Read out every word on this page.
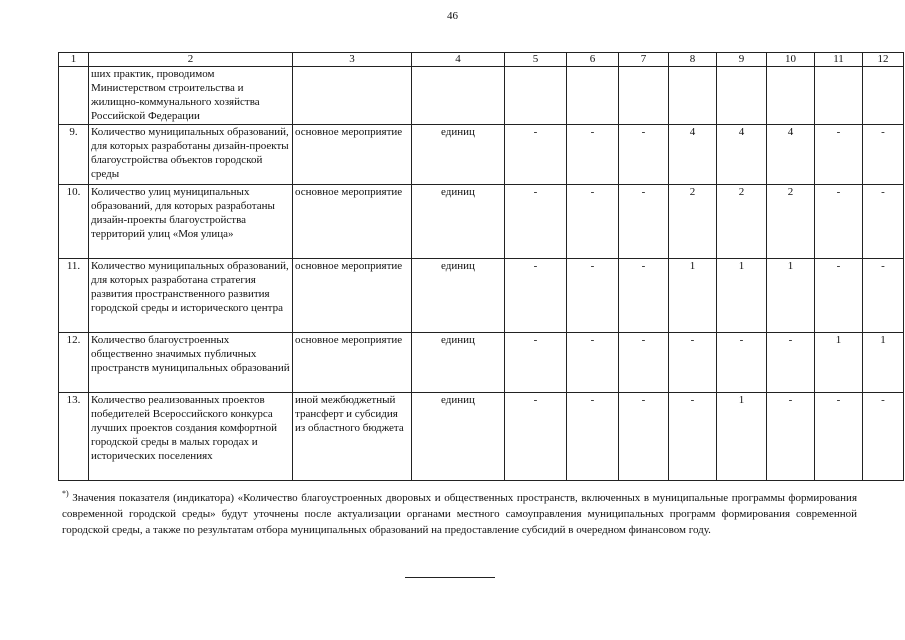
46
1	2	3	4	5	6	7	8	9	10	11	12
	ших практик, проводимом Министерством строительства и жилищно-коммунального хозяйства Российской Федерации										
9.	Количество муниципальных образований, для которых разработаны дизайн-проекты благоустройства объектов городской среды	основное мероприятие	единиц	-	-	-	4	4	4	-	-
10.	Количество улиц муниципальных образований, для которых разработаны дизайн-проекты благоустройства территорий улиц «Моя улица»	основное мероприятие	единиц	-	-	-	2	2	2	-	-
11.	Количество муниципальных образований, для которых разработана стратегия развития пространственного развития городской среды и исторического центра	основное мероприятие	единиц	-	-	-	1	1	1	-	-
12.	Количество благоустроенных общественно значимых публичных пространств муниципальных образований	основное мероприятие	единиц	-	-	-	-	-	-	1	1
13.	Количество реализованных проектов победителей Всероссийского конкурса лучших проектов создания комфортной городской среды в малых городах и исторических поселениях	иной межбюджетный трансферт и субсидия из областного бюджета	единиц	-	-	-	-	1	-	-	-
*) Значения показателя (индикатора) «Количество благоустроенных дворовых и общественных пространств, включенных в муниципальные программы формирования современной городской среды» будут уточнены после актуализации органами местного самоуправления муниципальных программ формирования современной городской среды, а также по результатам отбора муниципальных образований на предоставление субсидий в очередном финансовом году.
